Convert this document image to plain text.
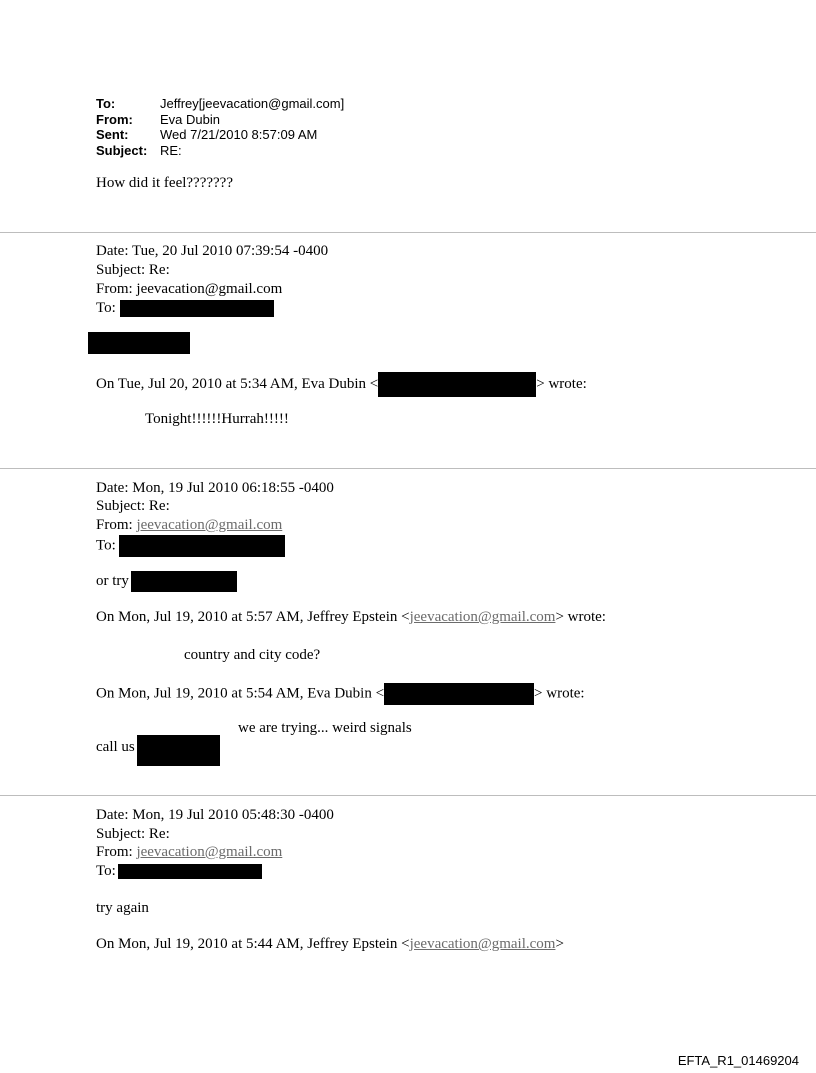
To:	Jeffrey[jeevacation@gmail.com]
From:	Eva Dubin
Sent:	Wed 7/21/2010 8:57:09 AM
Subject: RE:
How did it feel???????
Date: Tue, 20 Jul 2010 07:39:54 -0400
Subject: Re:
From: jeevacation@gmail.com
To:
On Tue, Jul 20, 2010 at 5:34 AM, Eva Dubin <	> wrote:
Tonight!!!!!!Hurrah!!!!!
Date: Mon, 19 Jul 2010 06:18:55 -0400
Subject: Re:
From: jeevacation@gmail.com
To:
or try
On Mon, Jul 19, 2010 at 5:57 AM, Jeffrey Epstein <jeevacation@gmail.com> wrote:
country and city code?
On Mon, Jul 19, 2010 at 5:54 AM, Eva Dubin <	> wrote:
we are trying... weird signals
call us
Date: Mon, 19 Jul 2010 05:48:30 -0400
Subject: Re:
From: jeevacation@gmail.com
To:
try again
On Mon, Jul 19, 2010 at 5:44 AM, Jeffrey Epstein <jeevacation@gmail.com>
EFTA_R1_01469204
